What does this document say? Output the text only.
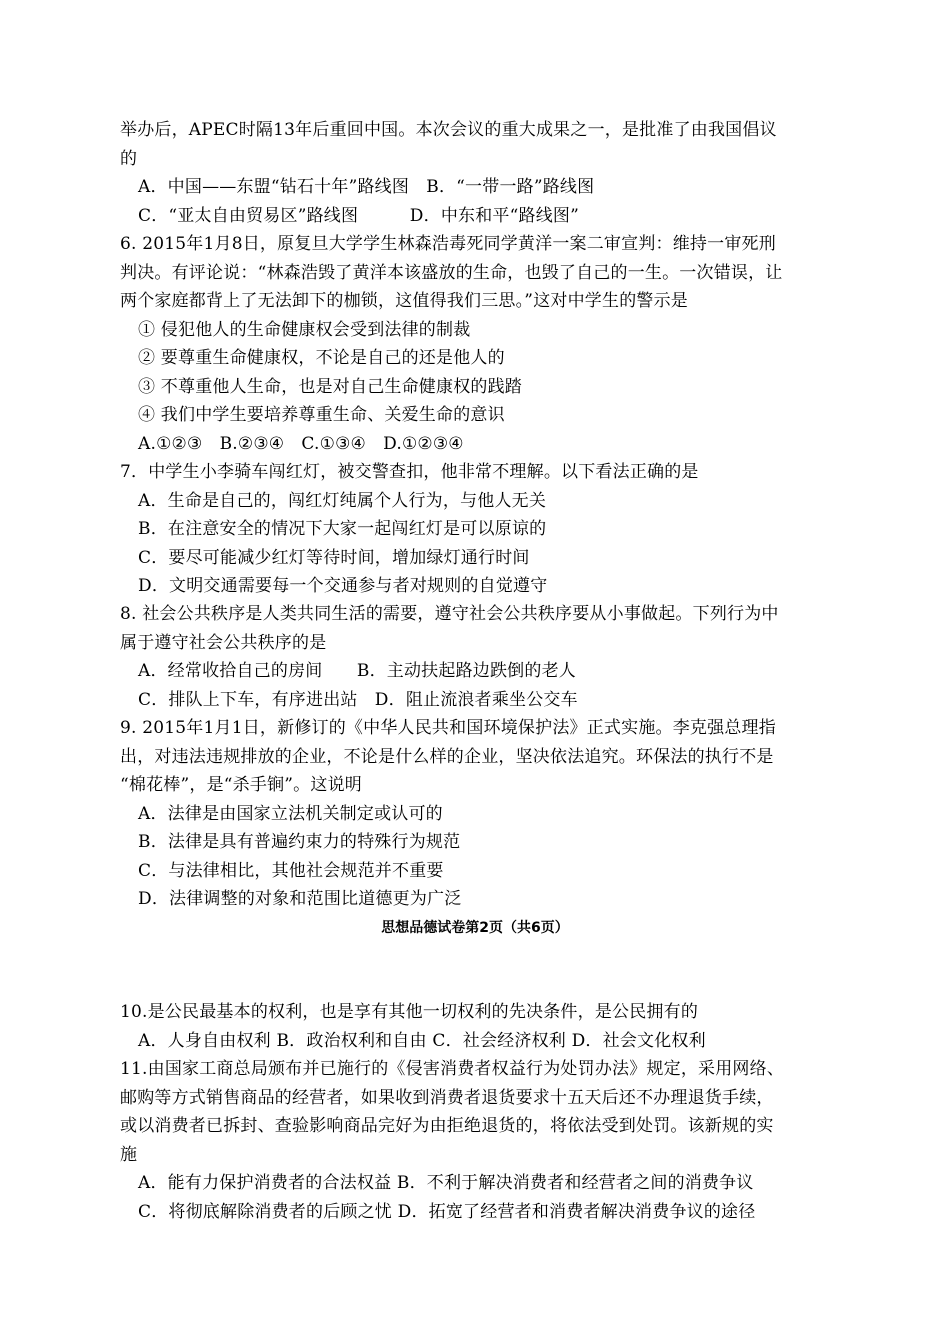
举办后，APEC时隔13年后重回中国。本次会议的重大成果之一，是批准了由我国倡议
的
A．中国——东盟“钻石十年”路线图　B．“一带一路”路线图
C．“亚太自由贸易区”路线图　　　D．中东和平“路线图”
6. 2015年1月8日，原复旦大学学生林森浩毒死同学黄洋一案二审宣判：维持一审死刑
判决。有评论说：“林森浩毁了黄洋本该盛放的生命，也毁了自己的一生。一次错误，让
两个家庭都背上了无法卸下的枷锁，这值得我们三思。”这对中学生的警示是
① 侵犯他人的生命健康权会受到法律的制裁
② 要尊重生命健康权，不论是自己的还是他人的
③ 不尊重他人生命，也是对自己生命健康权的践踏
④ 我们中学生要培养尊重生命、关爱生命的意识
A.①②③　B.②③④　C.①③④　D.①②③④
7．中学生小李骑车闯红灯，被交警查扣，他非常不理解。以下看法正确的是
A．生命是自己的，闯红灯纯属个人行为，与他人无关
B．在注意安全的情况下大家一起闯红灯是可以原谅的
C．要尽可能减少红灯等待时间，增加绿灯通行时间
D．文明交通需要每一个交通参与者对规则的自觉遵守
8. 社会公共秩序是人类共同生活的需要，遵守社会公共秩序要从小事做起。下列行为中
属于遵守社会公共秩序的是
A．经常收拾自己的房间　　B．主动扶起路边跌倒的老人
C．排队上下车，有序进出站　D．阻止流浪者乘坐公交车
9. 2015年1月1日，新修订的《中华人民共和国环境保护法》正式实施。李克强总理指
出，对违法违规排放的企业，不论是什么样的企业，坚决依法追究。环保法的执行不是
“棉花棒”，是“杀手锏”。这说明
A．法律是由国家立法机关制定或认可的
B．法律是具有普遍约束力的特殊行为规范
C．与法律相比，其他社会规范并不重要
D．法律调整的对象和范围比道德更为广泛
思想品德试卷第2页（共6页）
10.是公民最基本的权利，也是享有其他一切权利的先决条件，是公民拥有的
A．人身自由权利 B．政治权利和自由 C．社会经济权利 D．社会文化权利
11.由国家工商总局颁布并已施行的《侵害消费者权益行为处罚办法》规定，采用网络、
邮购等方式销售商品的经营者，如果收到消费者退货要求十五天后还不办理退货手续，
或以消费者已拆封、查验影响商品完好为由拒绝退货的，将依法受到处罚。该新规的实
施
A．能有力保护消费者的合法权益 B．不利于解决消费者和经营者之间的消费争议
C．将彻底解除消费者的后顾之忧 D．拓宽了经营者和消费者解决消费争议的途径
